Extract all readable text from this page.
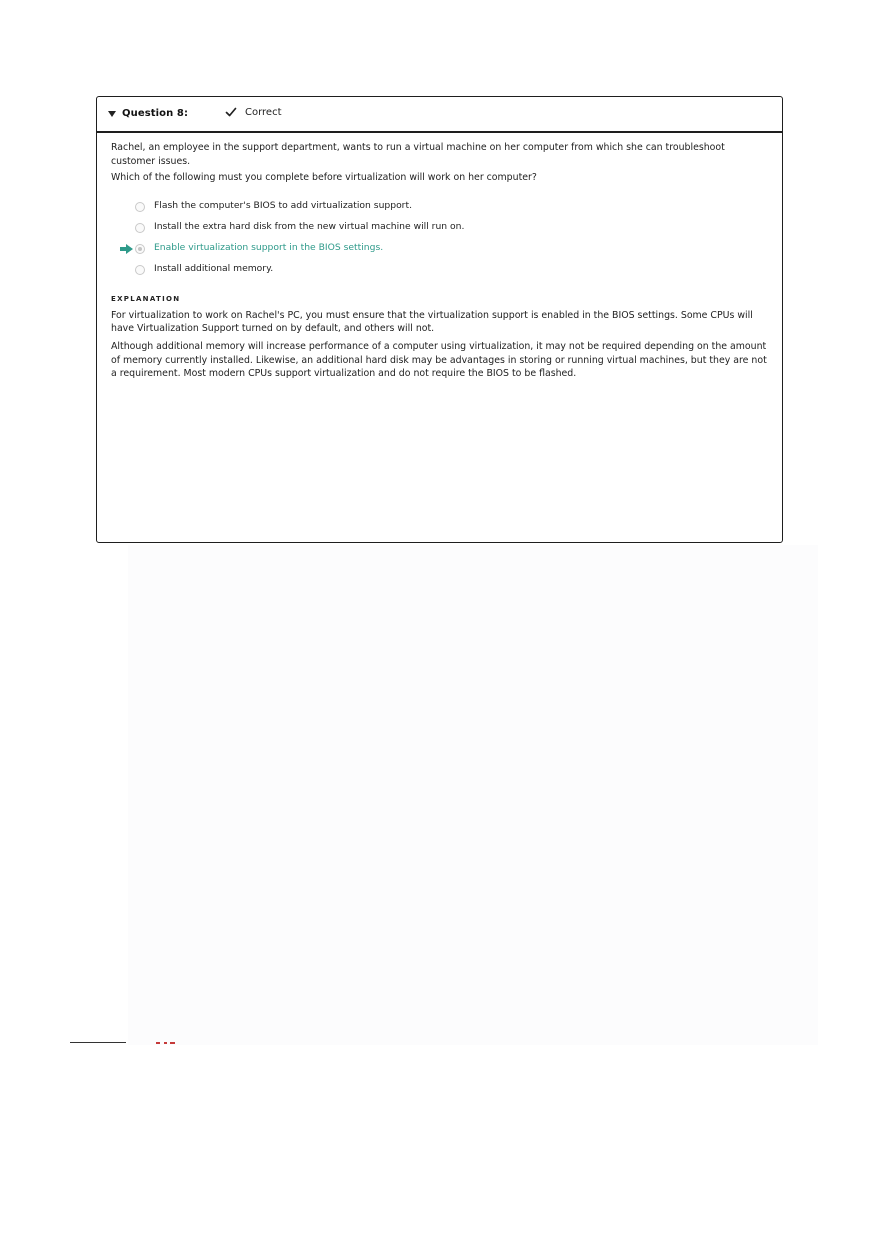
Question 8:	Correct

Rachel, an employee in the support department, wants to run a virtual machine on her computer from which she can troubleshoot customer issues.

Which of the following must you complete before virtualization will work on her computer?

Flash the computer's BIOS to add virtualization support.
Install the extra hard disk from the new virtual machine will run on.
Enable virtualization support in the BIOS settings.
Install additional memory.
EXPLANATION

For virtualization to work on Rachel's PC, you must ensure that the virtualization support is enabled in the BIOS settings. Some CPUs will have Virtualization Support turned on by default, and others will not.

Although additional memory will increase performance of a computer using virtualization, it may not be required depending on the amount of memory currently installed. Likewise, an additional hard disk may be advantages in storing or running virtual machines, but they are not a requirement. Most modern CPUs support virtualization and do not require the BIOS to be flashed.
